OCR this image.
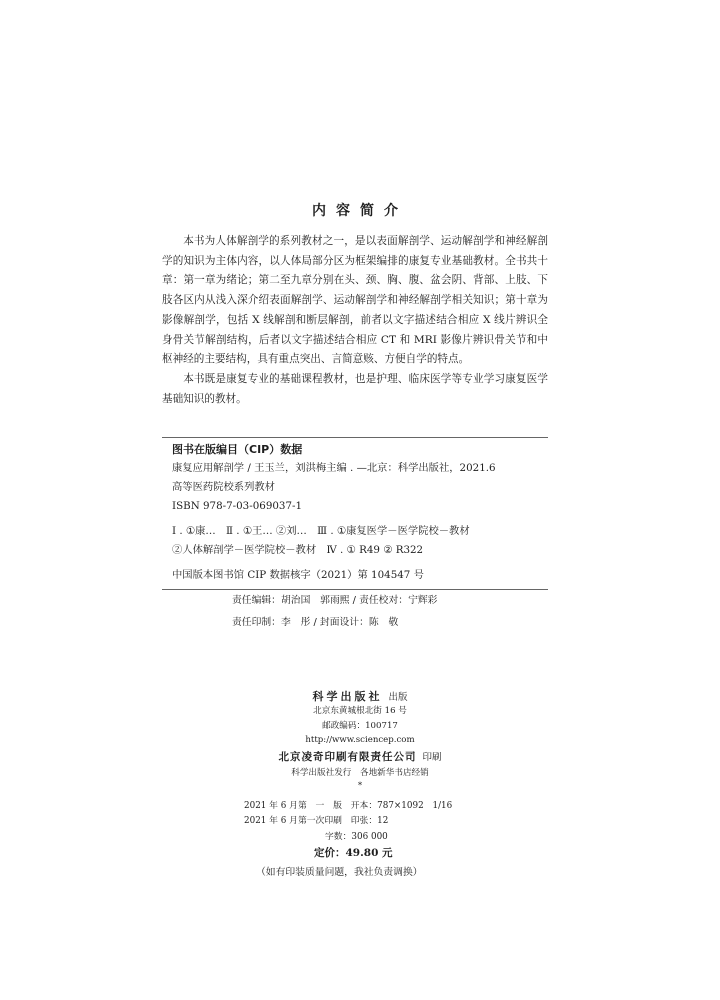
内容简介

本书为人体解剖学的系列教材之一，是以表面解剖学、运动解剖学和神经解剖学的知识为主体内容，以人体局部分区为框架编排的康复专业基础教材。全书共十章：第一章为绪论；第二至九章分别在头、颈、胸、腹、盆会阴、背部、上肢、下肢各区内从浅入深介绍表面解剖学、运动解剖学和神经解剖学相关知识；第十章为影像解剖学，包括 X 线解剖和断层解剖，前者以文字描述结合相应 X 线片辨识全身骨关节解剖结构，后者以文字描述结合相应 CT 和 MRI 影像片辨识骨关节和中枢神经的主要结构，具有重点突出、言简意赅、方便自学的特点。

本书既是康复专业的基础课程教材，也是护理、临床医学等专业学习康复医学基础知识的教材。

图书在版编目（CIP）数据
康复应用解剖学 / 王玉兰，刘洪梅主编 . —北京：科学出版社，2021.6
高等医药院校系列教材
ISBN 978-7-03-069037-1
Ⅰ . ①康…　Ⅱ . ①王… ②刘…　Ⅲ . ①康复医学－医学院校－教材
②人体解剖学－医学院校－教材　Ⅳ . ① R49 ② R322
中国版本图书馆 CIP 数据核字（2021）第 104547 号
责任编辑：胡治国　郭雨熙 / 责任校对：宁辉彩
责任印制：李　彤 / 封面设计：陈　敬
科学出版社 出版
北京东黄城根北街 16 号
邮政编码：100717
http://www.sciencep.com
北京凌奇印刷有限责任公司 印刷
科学出版社发行　各地新华书店经销
*
2021 年 6 月第　一　版　开本：787×1092　1/16
2021 年 6 月第一次印刷　印张：12
字数：306 000
定价：49.80 元
（如有印装质量问题，我社负责调换）
